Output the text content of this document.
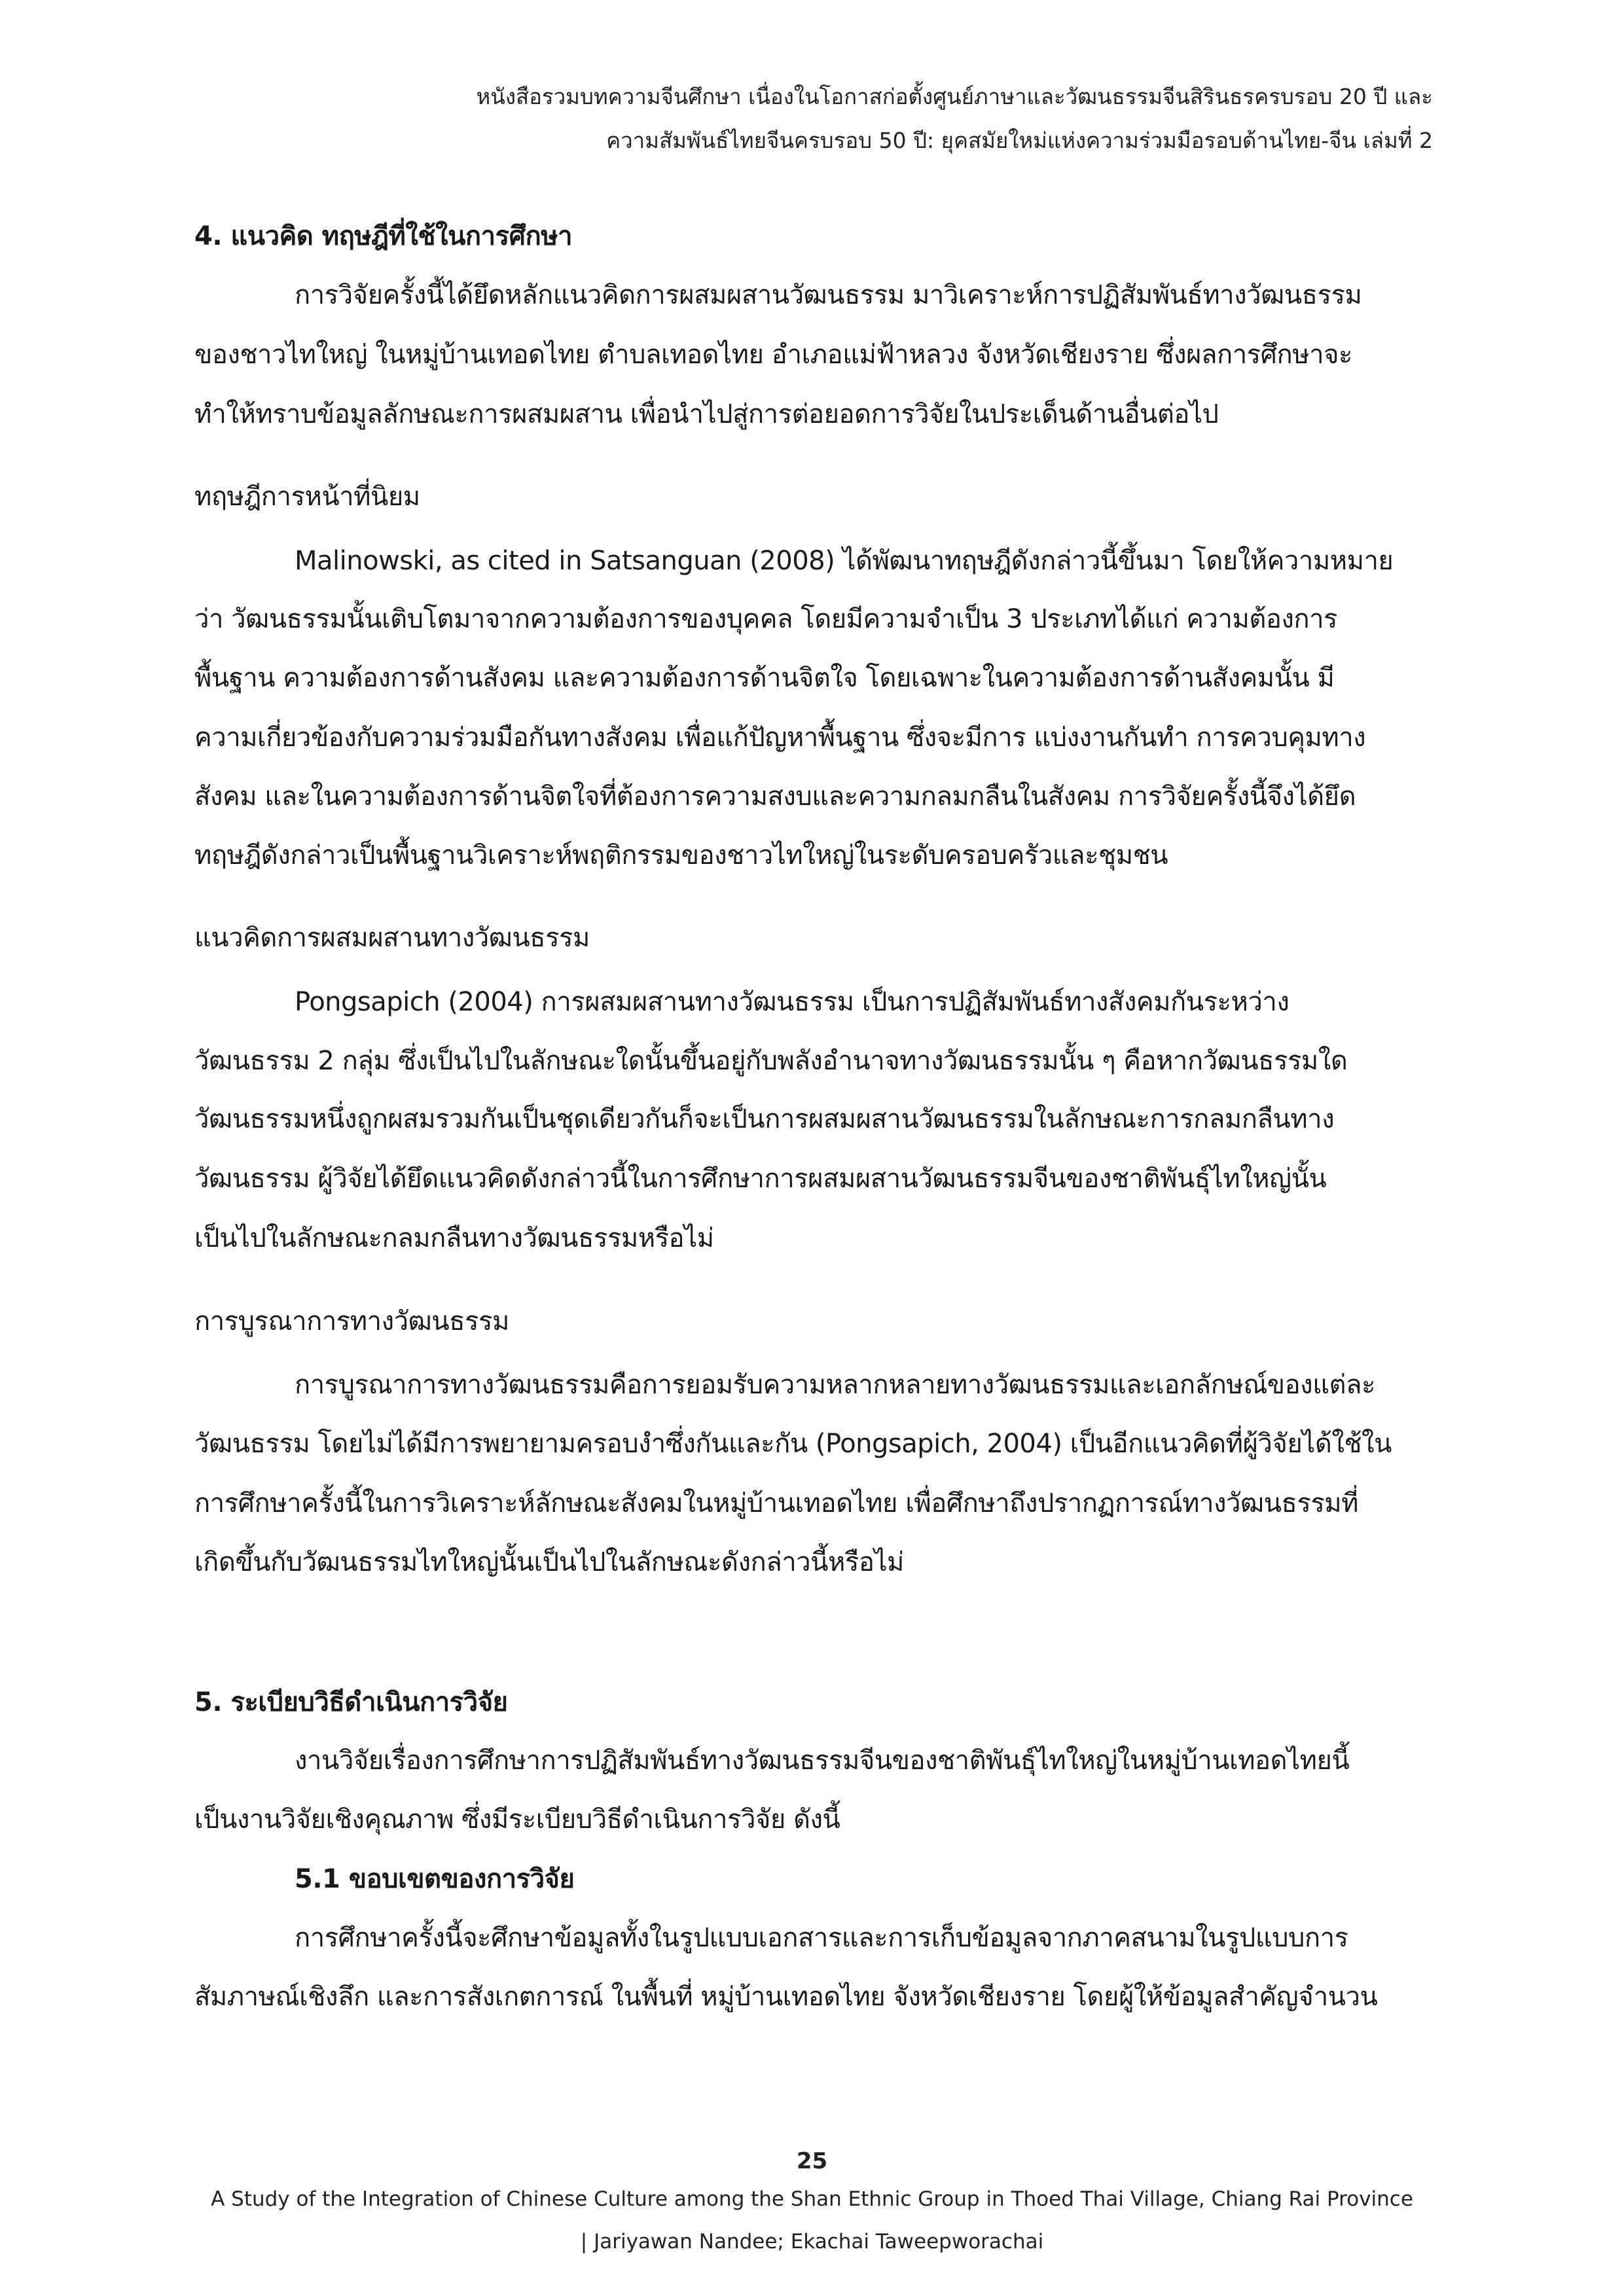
หนังสือรวมบทความจีนศึกษา เนื่องในโอกาสก่อตั้งศูนย์ภาษาและวัฒนธรรมจีนสิรินธรครบรอบ 20 ปี และ
ความสัมพันธ์ไทยจีนครบรอบ 50 ปี: ยุคสมัยใหม่แห่งความร่วมมือรอบด้านไทย-จีน เล่มที่ 2
4. แนวคิด ทฤษฎีที่ใช้ในการศึกษา
การวิจัยครั้งนี้ได้ยึดหลักแนวคิดการผสมผสานวัฒนธรรม มาวิเคราะห์การปฏิสัมพันธ์ทางวัฒนธรรม
ของชาวไทใหญ่ ในหมู่บ้านเทอดไทย ตำบลเทอดไทย อำเภอแม่ฟ้าหลวง จังหวัดเชียงราย ซึ่งผลการศึกษาจะ
ทำให้ทราบข้อมูลลักษณะการผสมผสาน เพื่อนำไปสู่การต่อยอดการวิจัยในประเด็นด้านอื่นต่อไป
ทฤษฎีการหน้าที่นิยม
Malinowski, as cited in Satsanguan (2008) ได้พัฒนาทฤษฎีดังกล่าวนี้ขึ้นมา โดยให้ความหมาย
ว่า วัฒนธรรมนั้นเติบโตมาจากความต้องการของบุคคล โดยมีความจำเป็น 3 ประเภทได้แก่ ความต้องการ
พื้นฐาน ความต้องการด้านสังคม และความต้องการด้านจิตใจ โดยเฉพาะในความต้องการด้านสังคมนั้น มี
ความเกี่ยวข้องกับความร่วมมือกันทางสังคม เพื่อแก้ปัญหาพื้นฐาน ซึ่งจะมีการ แบ่งงานกันทำ การควบคุมทาง
สังคม และในความต้องการด้านจิตใจที่ต้องการความสงบและความกลมกลืนในสังคม การวิจัยครั้งนี้จึงได้ยึด
ทฤษฎีดังกล่าวเป็นพื้นฐานวิเคราะห์พฤติกรรมของชาวไทใหญ่ในระดับครอบครัวและชุมชน
แนวคิดการผสมผสานทางวัฒนธรรม
Pongsapich (2004) การผสมผสานทางวัฒนธรรม เป็นการปฏิสัมพันธ์ทางสังคมกันระหว่าง
วัฒนธรรม 2 กลุ่ม ซึ่งเป็นไปในลักษณะใดนั้นขึ้นอยู่กับพลังอำนาจทางวัฒนธรรมนั้น ๆ คือหากวัฒนธรรมใด
วัฒนธรรมหนึ่งถูกผสมรวมกันเป็นชุดเดียวกันก็จะเป็นการผสมผสานวัฒนธรรมในลักษณะการกลมกลืนทาง
วัฒนธรรม ผู้วิจัยได้ยึดแนวคิดดังกล่าวนี้ในการศึกษาการผสมผสานวัฒนธรรมจีนของชาติพันธุ์ไทใหญ่นั้น
เป็นไปในลักษณะกลมกลืนทางวัฒนธรรมหรือไม่
การบูรณาการทางวัฒนธรรม
การบูรณาการทางวัฒนธรรมคือการยอมรับความหลากหลายทางวัฒนธรรมและเอกลักษณ์ของแต่ละ
วัฒนธรรม โดยไม่ได้มีการพยายามครอบงำซึ่งกันและกัน (Pongsapich, 2004) เป็นอีกแนวคิดที่ผู้วิจัยได้ใช้ใน
การศึกษาครั้งนี้ในการวิเคราะห์ลักษณะสังคมในหมู่บ้านเทอดไทย เพื่อศึกษาถึงปรากฏการณ์ทางวัฒนธรรมที่
เกิดขึ้นกับวัฒนธรรมไทใหญ่นั้นเป็นไปในลักษณะดังกล่าวนี้หรือไม่
5. ระเบียบวิธีดำเนินการวิจัย
งานวิจัยเรื่องการศึกษาการปฏิสัมพันธ์ทางวัฒนธรรมจีนของชาติพันธุ์ไทใหญ่ในหมู่บ้านเทอดไทยนี้
เป็นงานวิจัยเชิงคุณภาพ ซึ่งมีระเบียบวิธีดำเนินการวิจัย ดังนี้
5.1 ขอบเขตของการวิจัย
การศึกษาครั้งนี้จะศึกษาข้อมูลทั้งในรูปแบบเอกสารและการเก็บข้อมูลจากภาคสนามในรูปแบบการ
สัมภาษณ์เชิงลึก และการสังเกตการณ์ ในพื้นที่ หมู่บ้านเทอดไทย จังหวัดเชียงราย โดยผู้ให้ข้อมูลสำคัญจำนวน
25
A Study of the Integration of Chinese Culture among the Shan Ethnic Group in Thoed Thai Village, Chiang Rai Province
| Jariyawan Nandee; Ekachai Taweepworachai
